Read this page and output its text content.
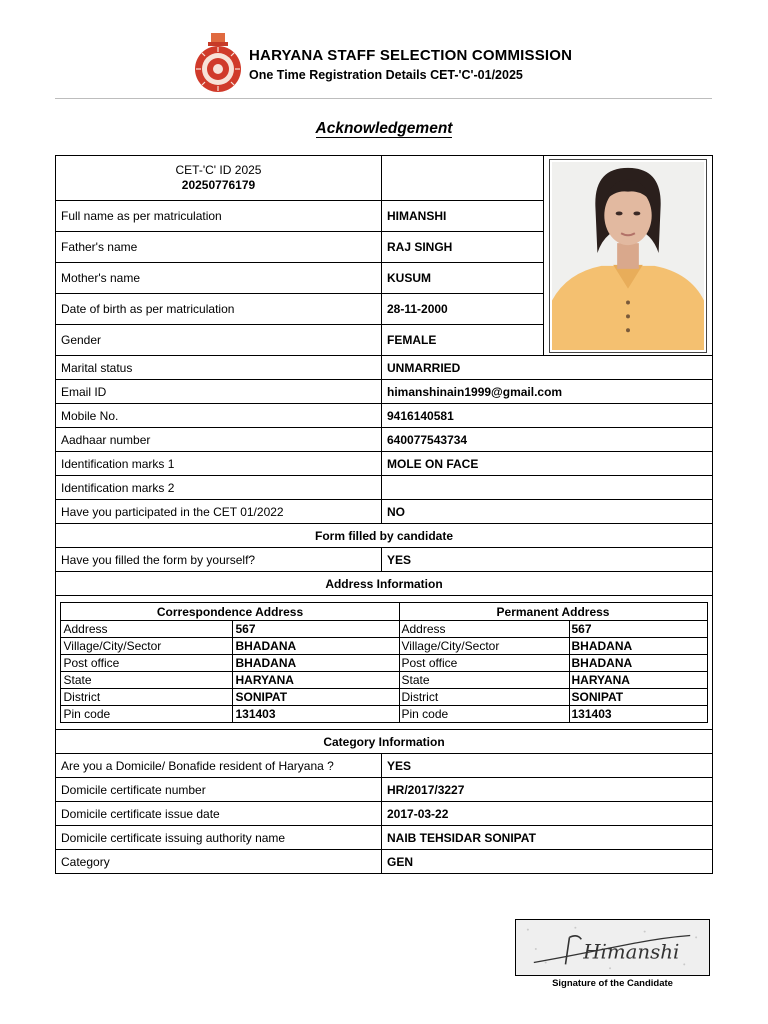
HARYANA STAFF SELECTION COMMISSION
One Time Registration Details CET-'C'-01/2025
Acknowledgement
CET-'C' ID 2025
20250776179

Full name as per matriculation	HIMANSHI
Father's name	RAJ SINGH
Mother's name	KUSUM
Date of birth as per matriculation	28-11-2000
Gender	FEMALE
Marital status	UNMARRIED
Email ID	himanshinain1999@gmail.com
Mobile No.	9416140581
Aadhaar number	640077543734
Identification marks 1	MOLE ON FACE
Identification marks 2	
Have you participated in the CET 01/2022	NO
Form filled by candidate
Have you filled the form by yourself?	YES
Address Information

Correspondence Address	Permanent Address
Address	567	Address	567
Village/City/Sector	BHADANA	Village/City/Sector	BHADANA
Post office	BHADANA	Post office	BHADANA
State	HARYANA	State	HARYANA
District	SONIPAT	District	SONIPAT
Pin code	131403	Pin code	131403

Category Information
Are you a Domicile/ Bonafide resident of Haryana ?	YES
Domicile certificate number	HR/2017/3227
Domicile certificate issue date	2017-03-22
Domicile certificate issuing authority name	NAIB TEHSIDAR SONIPAT
Category	GEN
Himanshi
Signature of the Candidate
